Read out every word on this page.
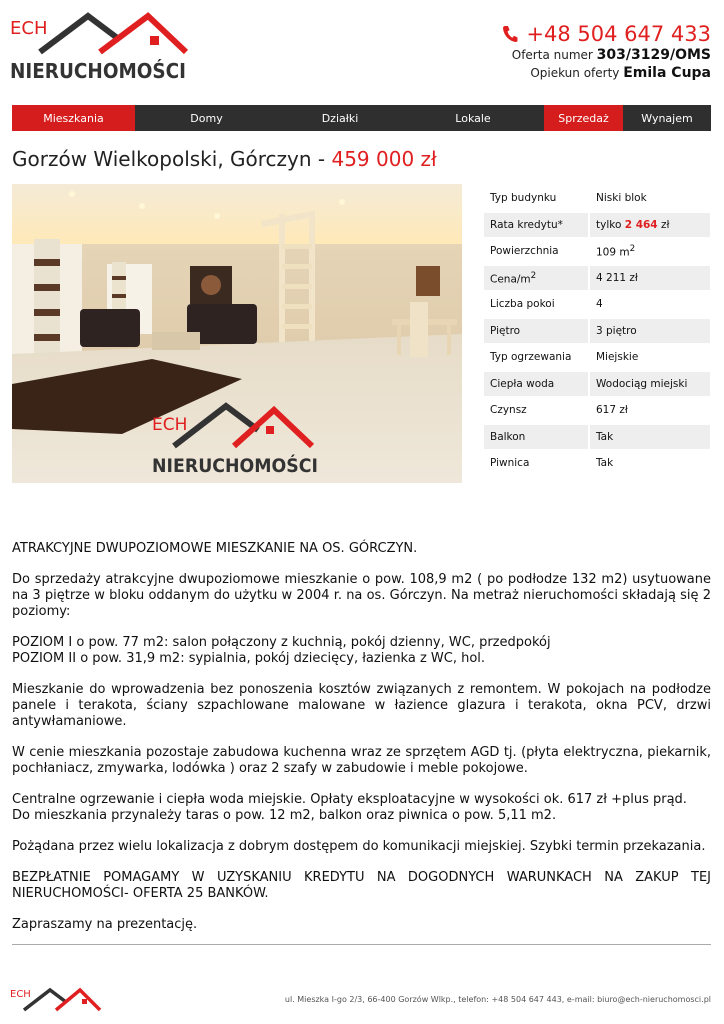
ECH
NIERUCHOMOŚCI
+48 504 647 433
Oferta numer 303/3129/OMS
Opiekun oferty Emila Cupa
Mieszkania	Domy	Działki	Lokale	Sprzedaż	Wynajem
Gorzów Wielkopolski, Górczyn - 459 000 zł
ECH
NIERUCHOMOŚCI
Typ budynku	Niski blok
Rata kredytu*	tylko 2 464 zł
Powierzchnia	109 $m^2$
Cena/$m^2$	4 211 zł
Liczba pokoi	4
Piętro	3 piętro
Typ ogrzewania	Miejskie
Ciepła woda	Wodociąg miejski
Czynsz	617 zł
Balkon	Tak
Piwnica	Tak

ATRAKCYJNE DWUPOZIOMOWE MIESZKANIE NA OS. GÓRCZYN.

Do sprzedaży atrakcyjne dwupoziomowe mieszkanie o pow. 108,9 m2 ( po podłodze 132 m2) usytuowane na 3 piętrze w bloku oddanym do użytku w 2004 r. na os. Górczyn. Na metraż nieruchomości składają się 2 poziomy:

POZIOM I o pow. 77 m2: salon połączony z kuchnią, pokój dzienny, WC, przedpokój
POZIOM II o pow. 31,9 m2: sypialnia, pokój dziecięcy, łazienka z WC, hol.

Mieszkanie do wprowadzenia bez ponoszenia kosztów związanych z remontem. W pokojach na podłodze panele i terakota, ściany szpachlowane malowane w łazience glazura i terakota, okna PCV, drzwi antywłamaniowe.

W cenie mieszkania pozostaje zabudowa kuchenna wraz ze sprzętem AGD tj. (płyta elektryczna, piekarnik, pochłaniacz, zmywarka, lodówka ) oraz 2 szafy w zabudowie i meble pokojowe.

Centralne ogrzewanie i ciepła woda miejskie. Opłaty eksploatacyjne w wysokości ok. 617 zł +plus prąd.
Do mieszkania przynależy taras o pow. 12 m2, balkon oraz piwnica o pow. 5,11 m2.

Pożądana przez wielu lokalizacja z dobrym dostępem do komunikacji miejskiej. Szybki termin przekazania.

BEZPŁATNIE POMAGAMY W UZYSKANIU KREDYTU NA DOGODNYCH WARUNKACH NA ZAKUP TEJ NIERUCHOMOŚCI- OFERTA 25 BANKÓW.

Zapraszamy na prezentację.

ECH	ul. Mieszka I-go 2/3, 66-400 Gorzów Wlkp., telefon: +48 504 647 443, e-mail: biuro@ech-nieruchomosci.pl
